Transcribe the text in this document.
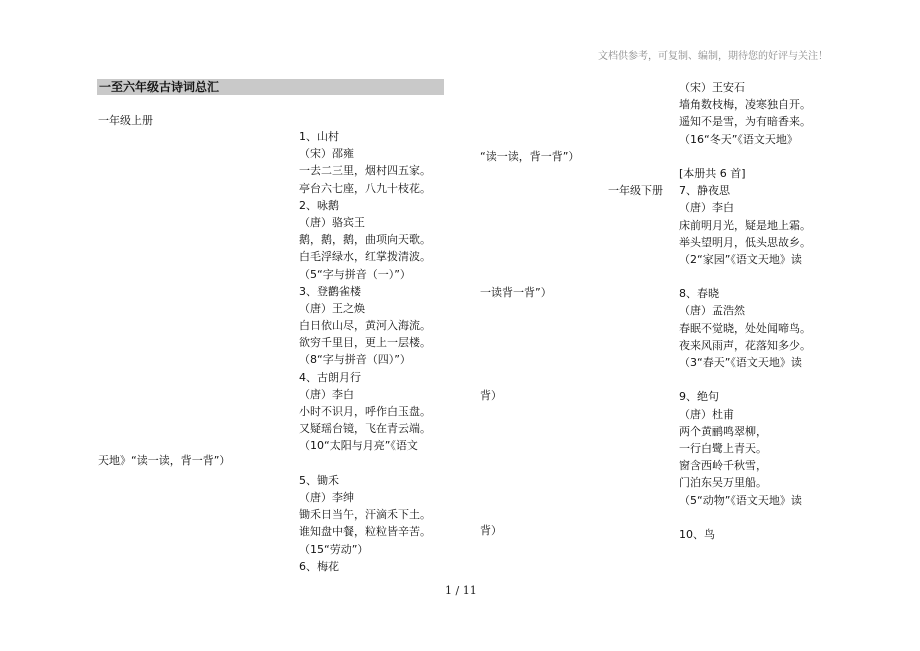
文档供参考，可复制、编制，期待您的好评与关注！
一至六年级古诗词总汇
一年级上册
1、山村
（宋）邵雍
一去二三里，烟村四五家。
亭台六七座，八九十枝花。
2、咏鹅
（唐）骆宾王
鹅，鹅，鹅，曲项向天歌。
白毛浮绿水，红掌拨清波。
（5“字与拼音（一）”）
3、登鹳雀楼
（唐）王之焕
白日依山尽，黄河入海流。
欲穷千里目，更上一层楼。
（8“字与拼音（四）”）
4、古朗月行
（唐）李白
小时不识月，呼作白玉盘。
又疑瑶台镜，飞在青云端。
（10“太阳与月亮”《语文
5、锄禾
（唐）李绅
锄禾日当午，汗滴禾下土。
谁知盘中餐，粒粒皆辛苦。
（15“劳动”）
6、梅花
天地》“读一读，背一背”）
“读一读，背一背”）
一年级下册
一读背一背”）
背）
背）
（宋）王安石
墙角数枝梅，凌寒独自开。
遥知不是雪，为有暗香来。
（16“冬天”《语文天地》
[本册共 6 首]
7、静夜思
（唐）李白
床前明月光，疑是地上霜。
举头望明月，低头思故乡。
（2“家园”《语文天地》读
8、春晓
（唐）孟浩然
春眠不觉晓，处处闻啼鸟。
夜来风雨声，花落知多少。
（3“春天”《语文天地》读
9、绝句
（唐）杜甫
两个黄鹂鸣翠柳，
一行白鹭上青天。
窗含西岭千秋雪，
门泊东吴万里船。
（5“动物”《语文天地》读
10、鸟
1 / 11
